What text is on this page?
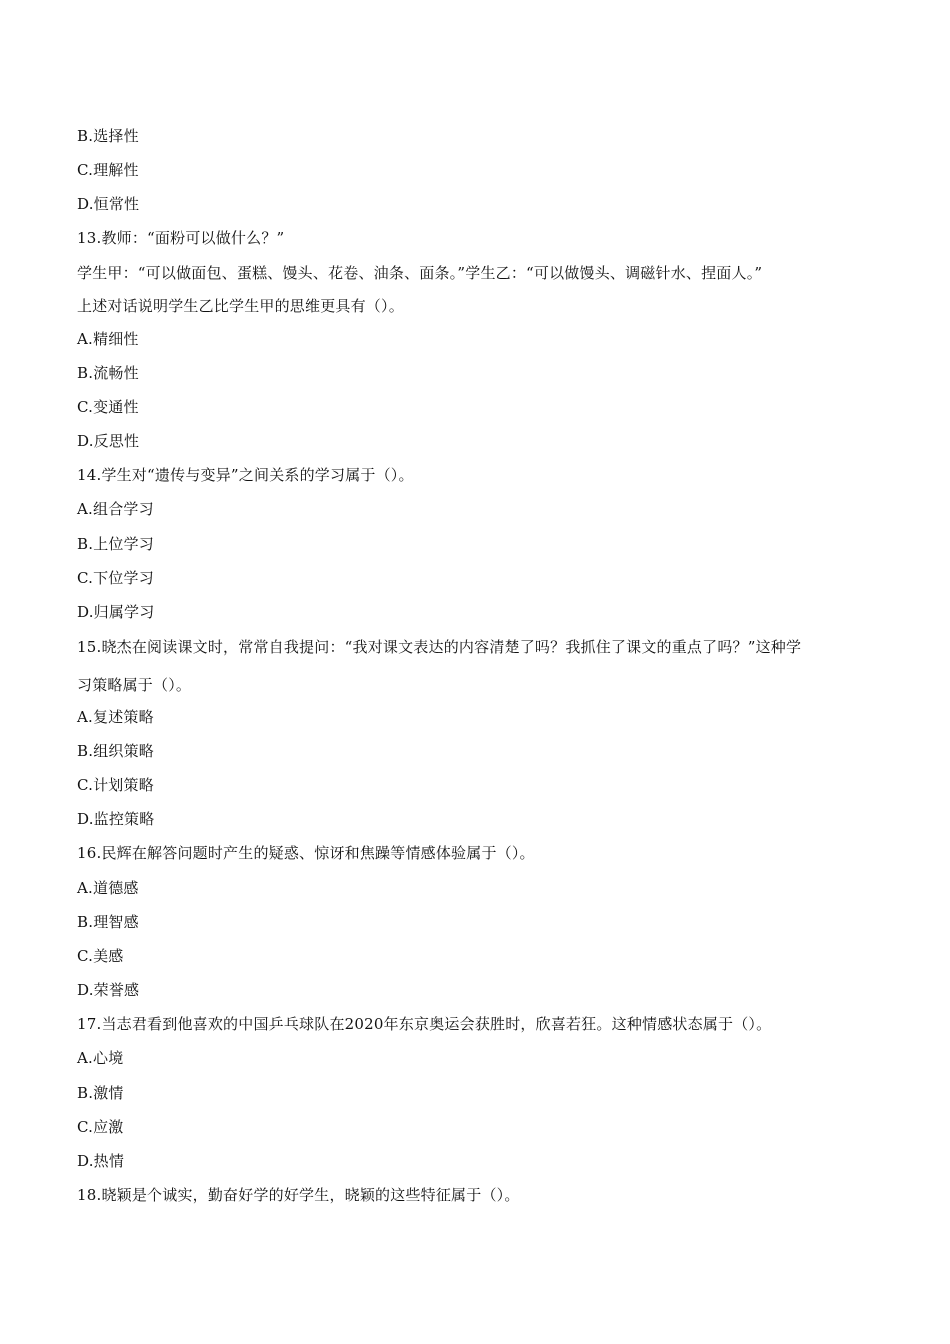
B.选择性
C.理解性
D.恒常性
13.教师：“面粉可以做什么？”
学生甲：“可以做面包、蛋糕、馒头、花卷、油条、面条。”学生乙：“可以做馒头、调磁针水、捏面人。”
上述对话说明学生乙比学生甲的思维更具有（）。
A.精细性
B.流畅性
C.变通性
D.反思性
14.学生对“遗传与变异”之间关系的学习属于（）。
A.组合学习
B.上位学习
C.下位学习
D.归属学习
15.晓杰在阅读课文时，常常自我提问：“我对课文表达的内容清楚了吗？我抓住了课文的重点了吗？”这种学
习策略属于（）。
A.复述策略
B.组织策略
C.计划策略
D.监控策略
16.民辉在解答问题时产生的疑惑、惊讶和焦躁等情感体验属于（）。
A.道德感
B.理智感
C.美感
D.荣誉感
17.当志君看到他喜欢的中国乒乓球队在2020年东京奥运会获胜时，欣喜若狂。这种情感状态属于（）。
A.心境
B.激情
C.应激
D.热情
18.晓颖是个诚实，勤奋好学的好学生，晓颖的这些特征属于（）。
